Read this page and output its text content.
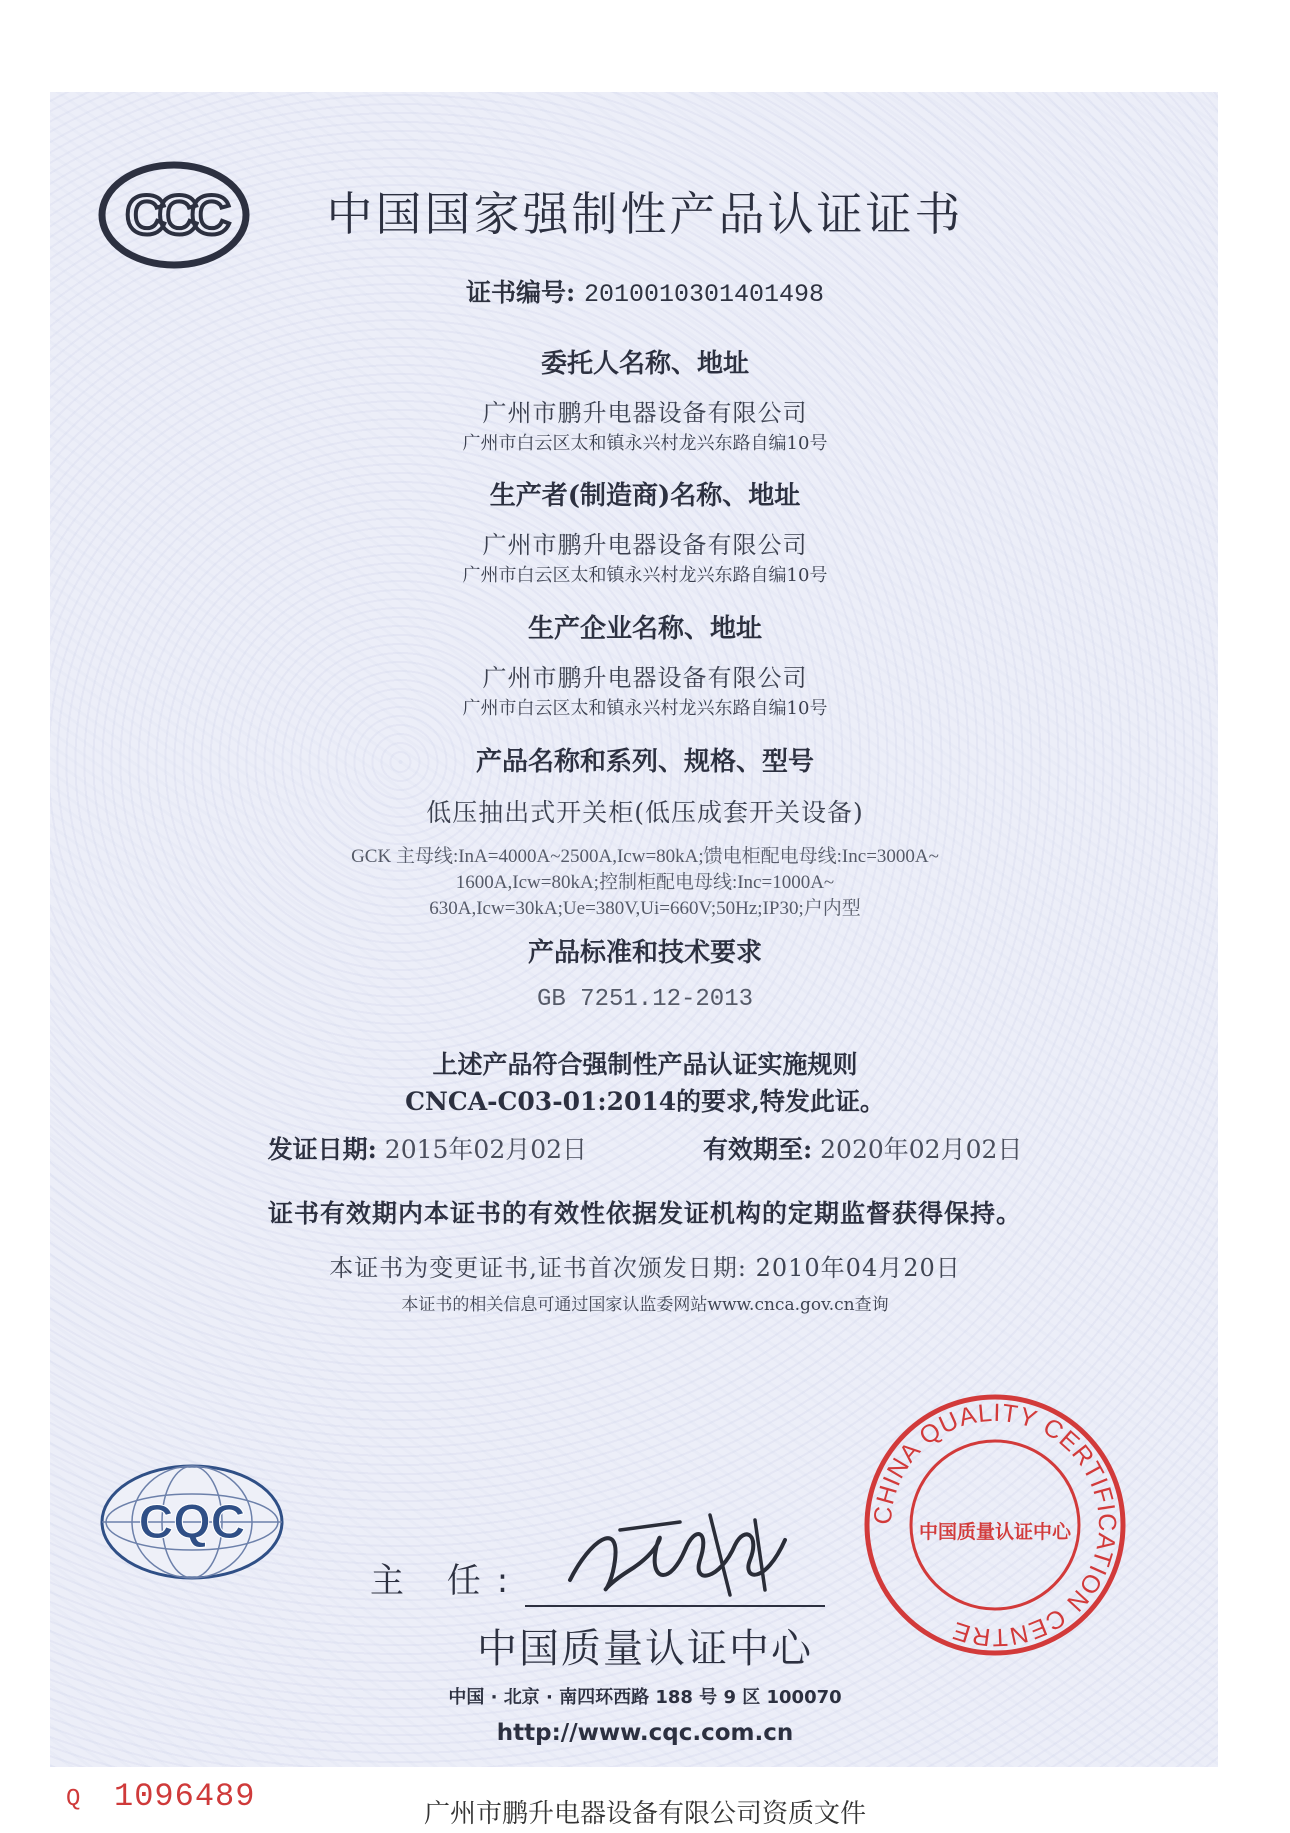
CCC	中国国家强制性产品认证证书
证书编号: 2010010301401498
委托人名称、地址
广州市鹏升电器设备有限公司
广州市白云区太和镇永兴村龙兴东路自编10号
生产者(制造商)名称、地址
广州市鹏升电器设备有限公司
广州市白云区太和镇永兴村龙兴东路自编10号
生产企业名称、地址
广州市鹏升电器设备有限公司
广州市白云区太和镇永兴村龙兴东路自编10号
产品名称和系列、规格、型号
低压抽出式开关柜(低压成套开关设备)
GCK 主母线:InA=4000A~2500A,Icw=80kA;馈电柜配电母线:Inc=3000A~
1600A,Icw=80kA;控制柜配电母线:Inc=1000A~
630A,Icw=30kA;Ue=380V,Ui=660V;50Hz;IP30;户内型
产品标准和技术要求
GB 7251.12-2013
上述产品符合强制性产品认证实施规则
CNCA-C03-01:2014的要求,特发此证。
发证日期: 2015年02月02日	有效期至: 2020年02月02日
证书有效期内本证书的有效性依据发证机构的定期监督获得保持。
本证书为变更证书,证书首次颁发日期: 2010年04月20日
本证书的相关信息可通过国家认监委网站www.cnca.gov.cn查询
CQC
主 任:
中国质量认证中心
中国 · 北京 · 南四环西路 188 号 9 区 100070
http://www.cqc.com.cn
CHINA QUALITY CERTIFICATION CENTRE
中国质量认证中心
Q 1096489	广州市鹏升电器设备有限公司资质文件
